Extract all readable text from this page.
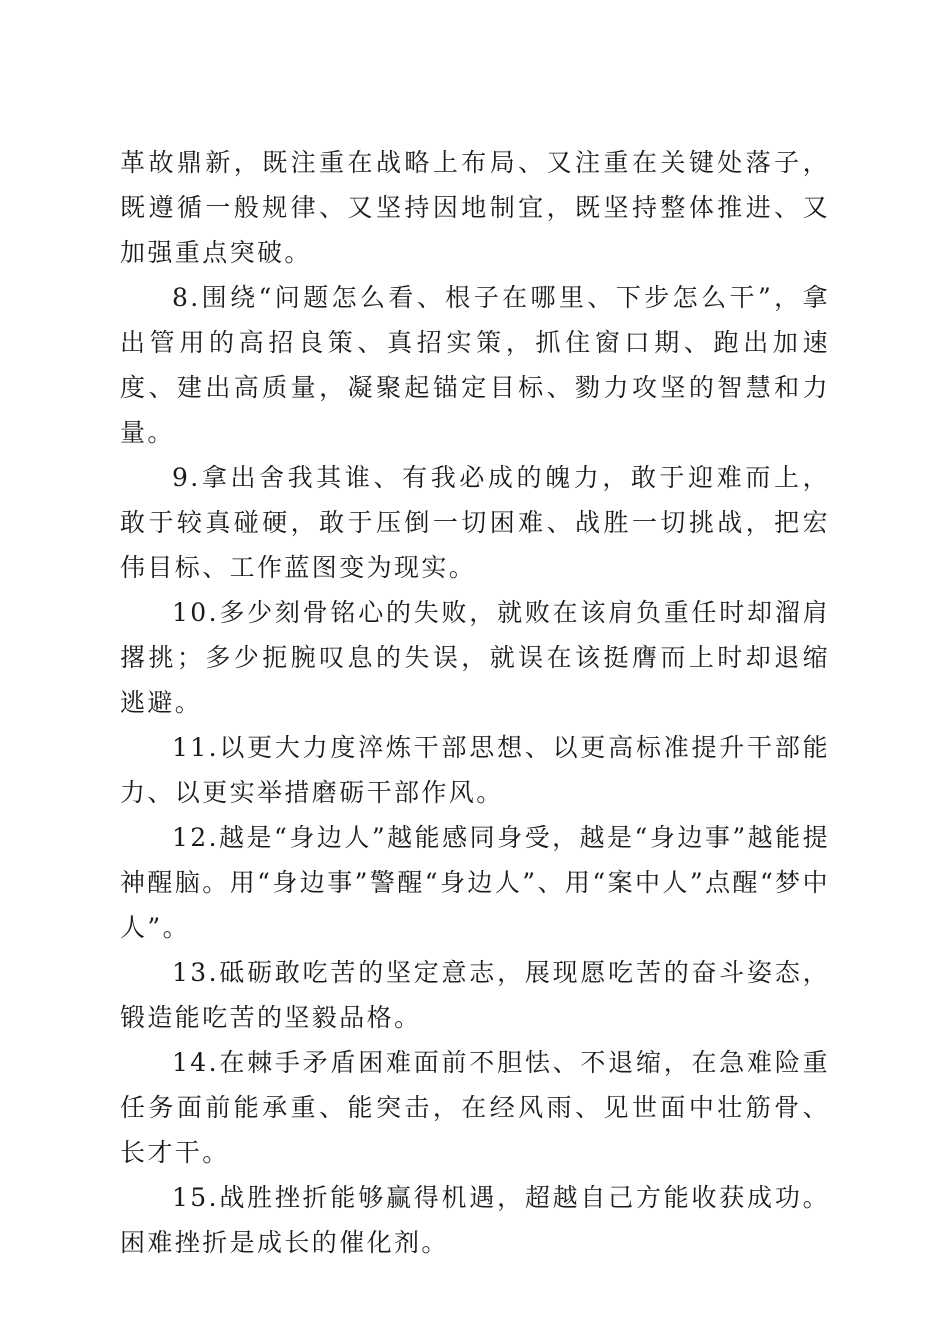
革故鼎新，既注重在战略上布局、又注重在关键处落子，既遵循一般规律、又坚持因地制宜，既坚持整体推进、又加强重点突破。

8.围绕“问题怎么看、根子在哪里、下步怎么干”，拿出管用的高招良策、真招实策，抓住窗口期、跑出加速度、建出高质量，凝聚起锚定目标、勠力攻坚的智慧和力量。

9.拿出舍我其谁、有我必成的魄力，敢于迎难而上，敢于较真碰硬，敢于压倒一切困难、战胜一切挑战，把宏伟目标、工作蓝图变为现实。

10.多少刻骨铭心的失败，就败在该肩负重任时却溜肩撂挑；多少扼腕叹息的失误，就误在该挺膺而上时却退缩逃避。

11.以更大力度淬炼干部思想、以更高标准提升干部能力、以更实举措磨砺干部作风。

12.越是“身边人”越能感同身受，越是“身边事”越能提神醒脑。用“身边事”警醒“身边人”、用“案中人”点醒“梦中人”。

13.砥砺敢吃苦的坚定意志，展现愿吃苦的奋斗姿态，锻造能吃苦的坚毅品格。

14.在棘手矛盾困难面前不胆怯、不退缩，在急难险重任务面前能承重、能突击，在经风雨、见世面中壮筋骨、长才干。

15.战胜挫折能够赢得机遇，超越自己方能收获成功。困难挫折是成长的催化剂。
